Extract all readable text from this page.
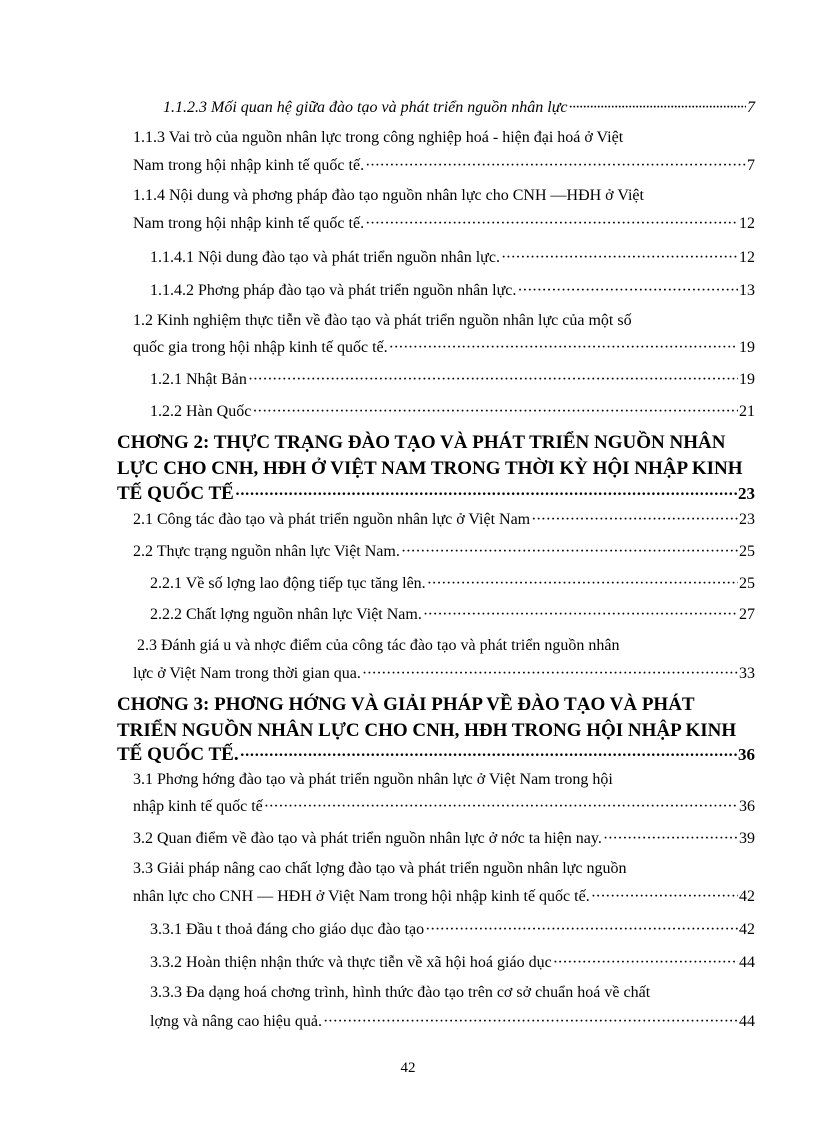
1.1.2.3 Mối quan hệ giữa đào tạo và phát triển nguồn nhân lực ·····	7
1.1.3 Vai trò của nguồn nhân lực trong công nghiệp hoá - hiện đại hoá ở Việt
Nam trong hội nhập kinh tế quốc tế. ·····	7
1.1.4 Nội dung và phơng pháp đào tạo nguồn nhân lực cho CNH —HĐH ở Việt
Nam trong hội nhập kinh tế quốc tế. ·····	12
1.1.4.1 Nội dung đào tạo và phát triển nguồn nhân lực. ·····	12
1.1.4.2 Phơng pháp đào tạo và phát triển nguồn nhân lực. ·····	13
1.2 Kinh nghiệm thực tiễn về đào tạo và phát triển nguồn nhân lực của một số
quốc gia trong hội nhập kinh tế quốc tế. ·····	19
1.2.1 Nhật Bản ·····	19
1.2.2 Hàn Quốc ·····	21
CHƠNG 2: THỰC TRẠNG ĐÀO TẠO VÀ PHÁT TRIỂN NGUỒN NHÂN
LỰC CHO CNH, HĐH Ở VIỆT NAM TRONG THỜI KỲ HỘI NHẬP KINH
TẾ QUỐC TẾ ·····	23
2.1 Công tác đào tạo và phát triển nguồn nhân lực ở Việt Nam ·····	23
2.2 Thực trạng nguồn nhân lực Việt Nam. ·····	25
2.2.1 Về số lợng lao động tiếp tục tăng lên. ·····	25
2.2.2 Chất lợng nguồn nhân lực Việt Nam. ·····	27
2.3 Đánh giá u và nhợc điểm của công tác đào tạo và phát triển nguồn nhân
lực ở Việt Nam trong thời gian qua. ·····	33
CHƠNG 3: PHƠNG HỚNG VÀ GIẢI PHÁP VỀ ĐÀO TẠO VÀ PHÁT
TRIỂN NGUỒN NHÂN LỰC CHO CNH, HĐH TRONG HỘI NHẬP KINH
TẾ QUỐC TẾ. ·····	36
3.1 Phơng hớng đào tạo và phát triển nguồn nhân lực ở Việt Nam trong hội
nhập kinh tế quốc tế ·····	36
3.2 Quan điểm về đào tạo và phát triển nguồn nhân lực ở nớc ta hiện nay. ·····	39
3.3 Giải pháp nâng cao chất lợng đào tạo và phát triển nguồn nhân lực nguồn
nhân lực cho CNH — HĐH ở Việt Nam trong hội nhập kinh tế quốc tế. ·····	42
3.3.1 Đầu t thoả đáng cho giáo dục đào tạo ·····	42
3.3.2 Hoàn thiện nhận thức và thực tiễn về xã hội hoá giáo dục ·····	44
3.3.3 Đa dạng hoá chơng trình, hình thức đào tạo trên cơ sở chuẩn hoá về chất
lợng và nâng cao hiệu quả. ·····	44
42
